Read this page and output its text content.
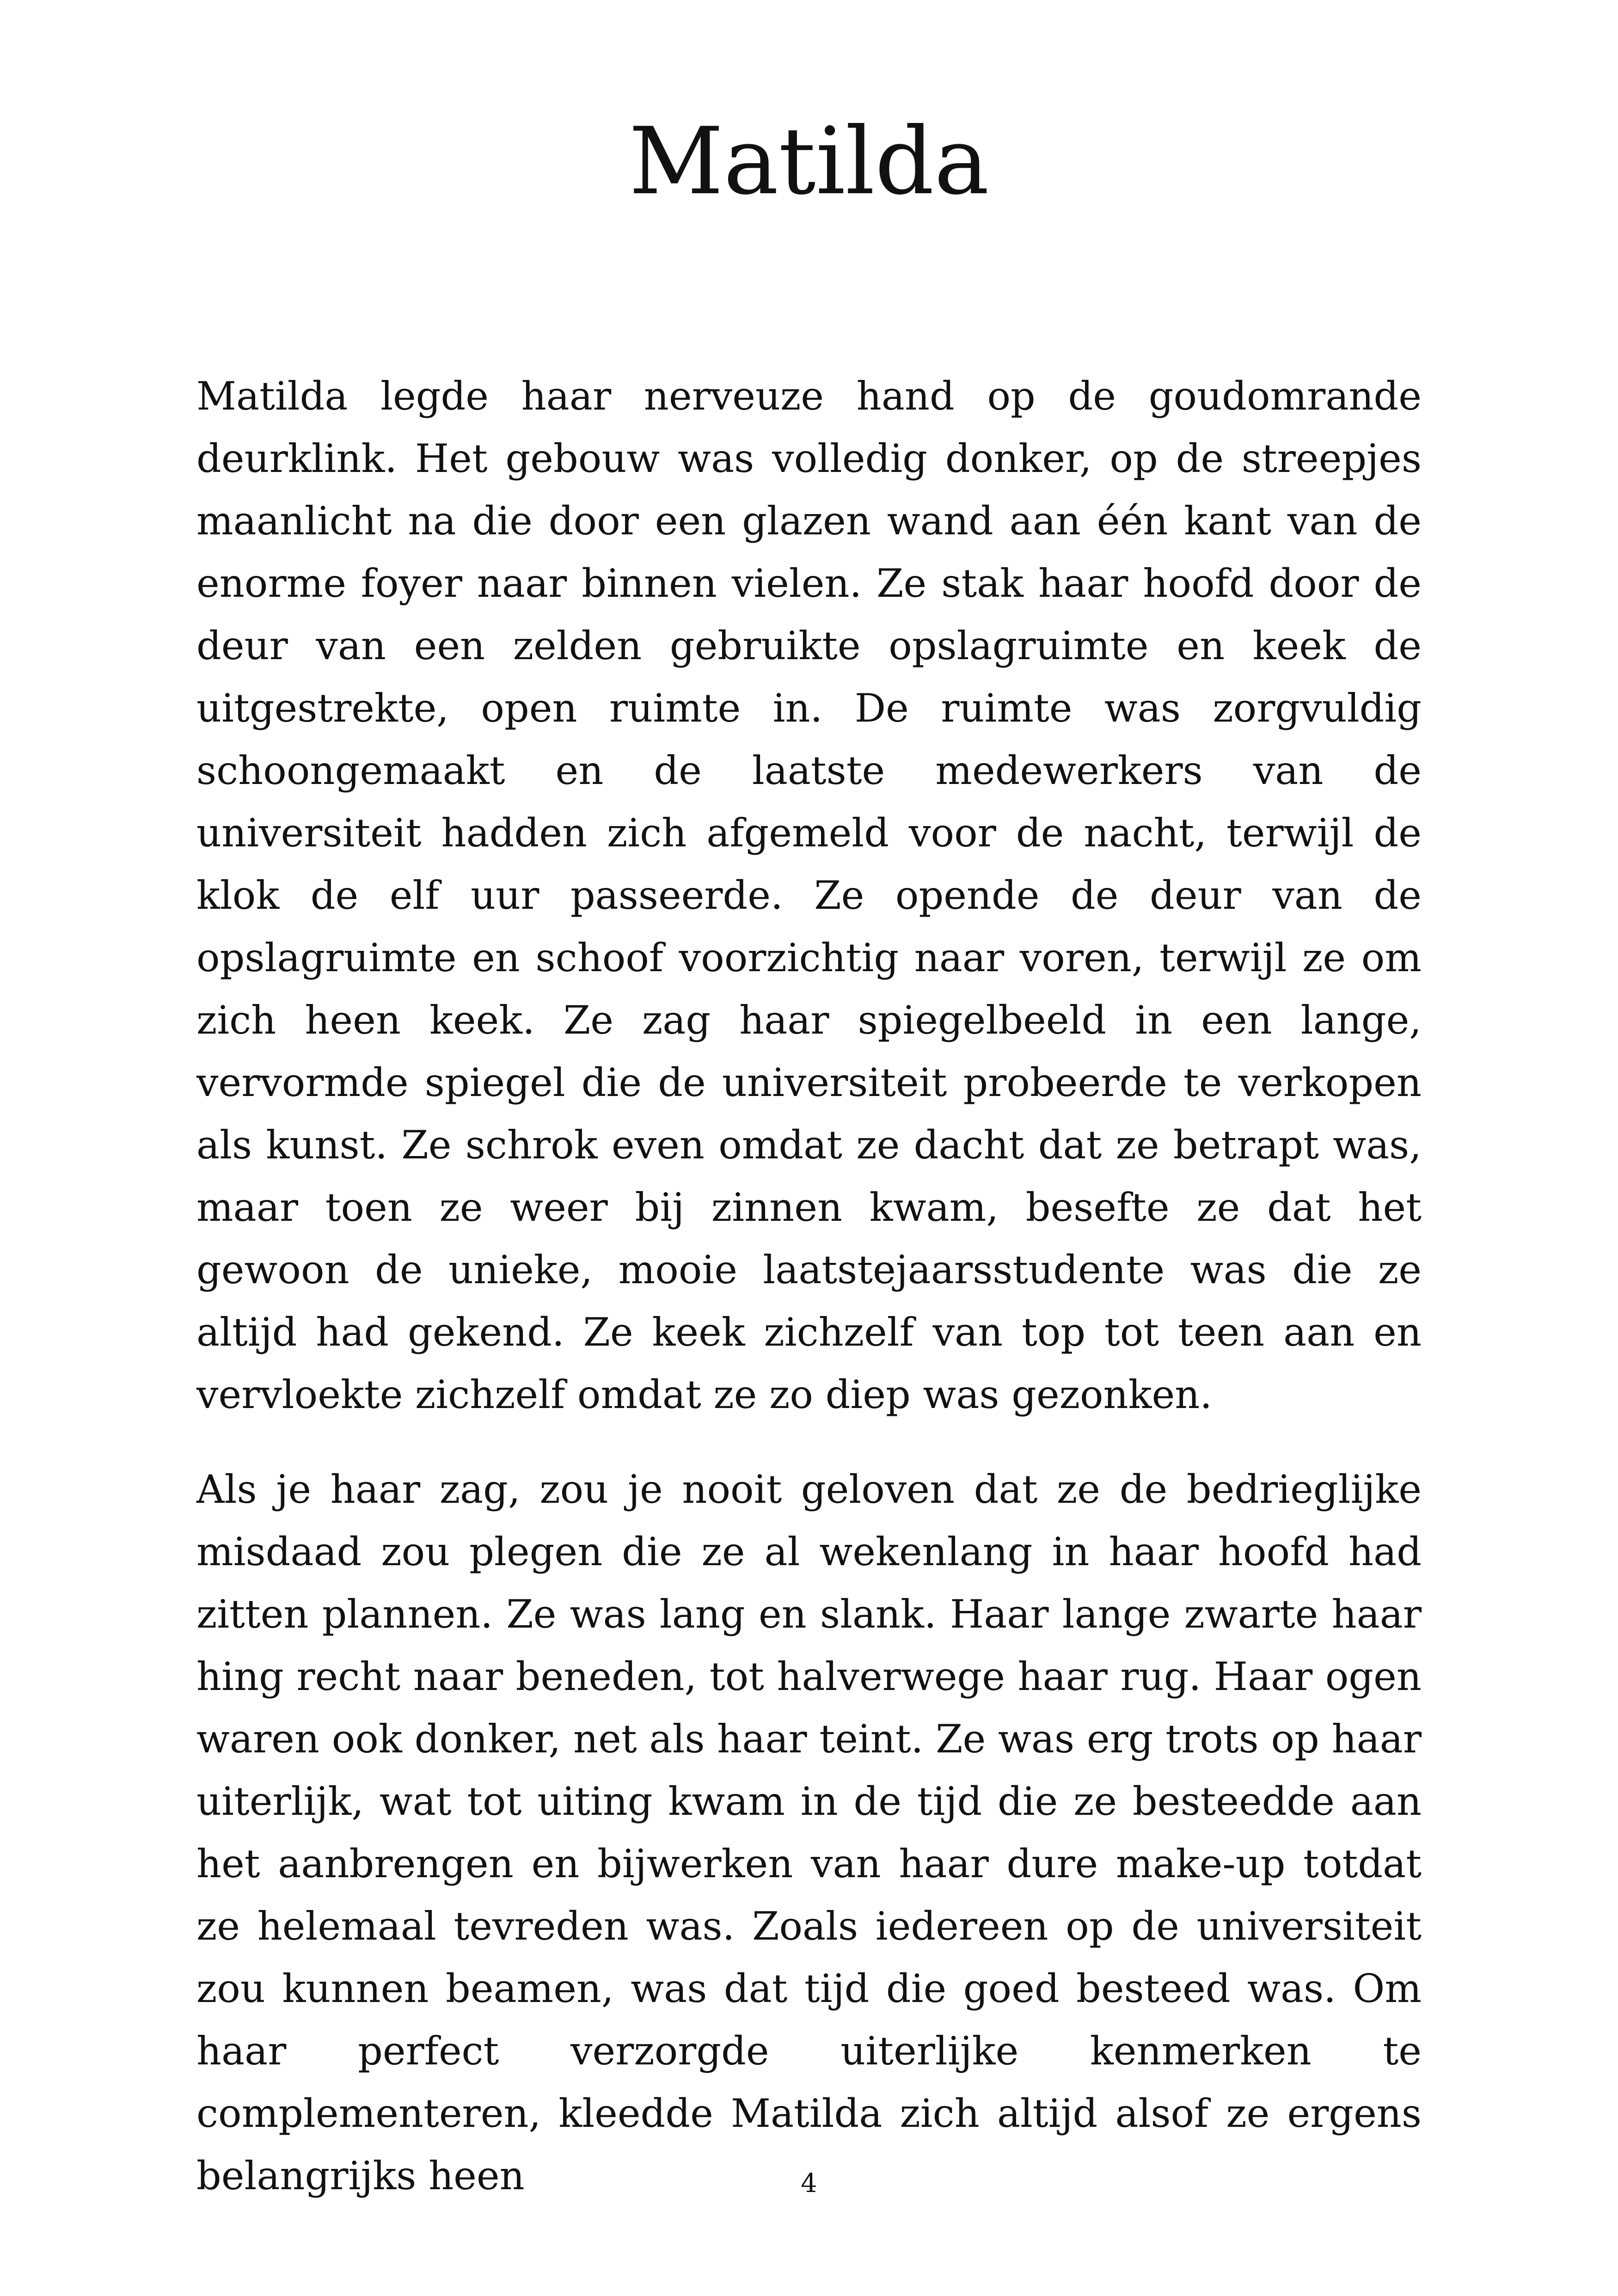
Matilda

Matilda legde haar nerveuze hand op de goudomrande deurklink. Het gebouw was volledig donker, op de streepjes maanlicht na die door een glazen wand aan één kant van de enorme foyer naar binnen vielen. Ze stak haar hoofd door de deur van een zelden gebruikte opslagruimte en keek de uitgestrekte, open ruimte in. De ruimte was zorgvuldig schoongemaakt en de laatste medewerkers van de universiteit hadden zich afgemeld voor de nacht, terwijl de klok de elf uur passeerde. Ze opende de deur van de opslagruimte en schoof voorzichtig naar voren, terwijl ze om zich heen keek. Ze zag haar spiegelbeeld in een lange, vervormde spiegel die de universiteit probeerde te verkopen als kunst. Ze schrok even omdat ze dacht dat ze betrapt was, maar toen ze weer bij zinnen kwam, besefte ze dat het gewoon de unieke, mooie laatstejaarsstudente was die ze altijd had gekend. Ze keek zichzelf van top tot teen aan en vervloekte zichzelf omdat ze zo diep was gezonken.

Als je haar zag, zou je nooit geloven dat ze de bedrieglijke misdaad zou plegen die ze al wekenlang in haar hoofd had zitten plannen. Ze was lang en slank. Haar lange zwarte haar hing recht naar beneden, tot halverwege haar rug. Haar ogen waren ook donker, net als haar teint. Ze was erg trots op haar uiterlijk, wat tot uiting kwam in de tijd die ze besteedde aan het aanbrengen en bijwerken van haar dure make-up totdat ze helemaal tevreden was. Zoals iedereen op de universiteit zou kunnen beamen, was dat tijd die goed besteed was. Om haar perfect verzorgde uiterlijke kenmerken te complementeren, kleedde Matilda zich altijd alsof ze ergens belangrijks heen	4
